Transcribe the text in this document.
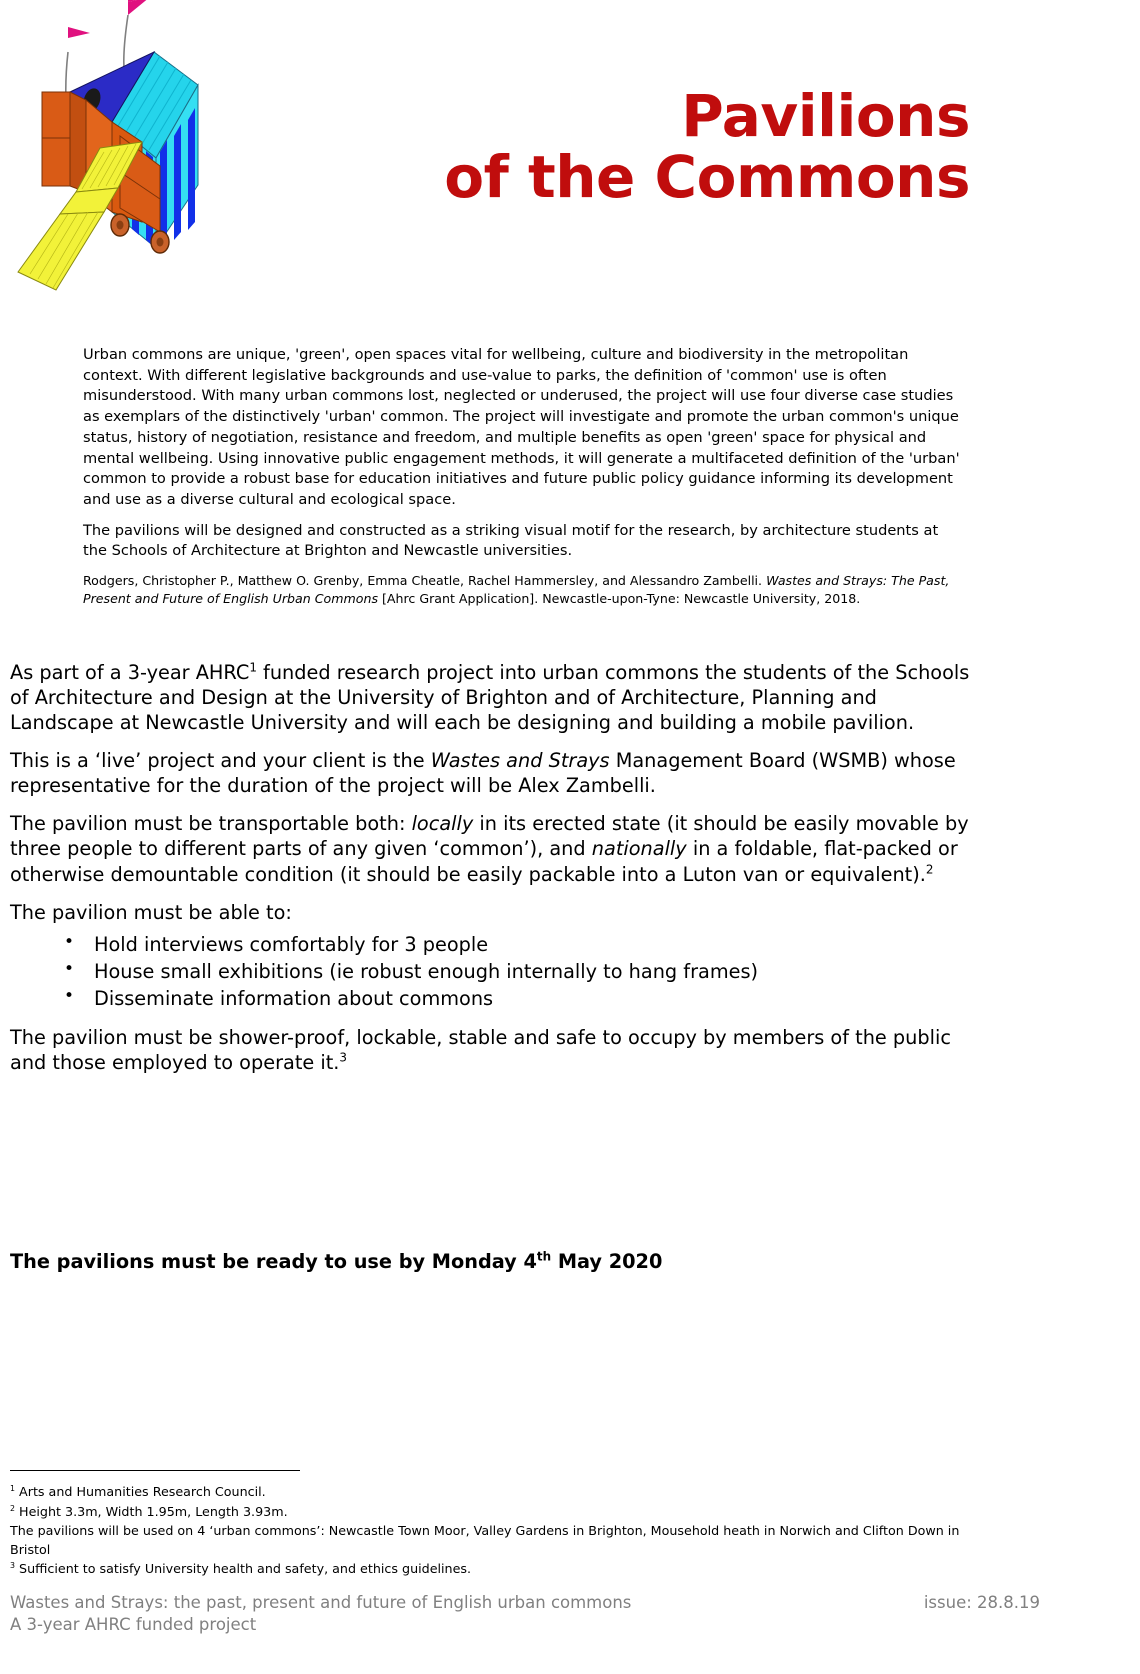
Pavilions
of the Commons

Urban commons are unique, 'green', open spaces vital for wellbeing, culture and biodiversity in the metropolitan context. With different legislative backgrounds and use-value to parks, the definition of 'common' use is often misunderstood. With many urban commons lost, neglected or underused, the project will use four diverse case studies as exemplars of the distinctively 'urban' common. The project will investigate and promote the urban common's unique status, history of negotiation, resistance and freedom, and multiple benefits as open 'green' space for physical and mental wellbeing. Using innovative public engagement methods, it will generate a multifaceted definition of the 'urban' common to provide a robust base for education initiatives and future public policy guidance informing its development and use as a diverse cultural and ecological space.

The pavilions will be designed and constructed as a striking visual motif for the research, by architecture students at the Schools of Architecture at Brighton and Newcastle universities.

Rodgers, Christopher P., Matthew O. Grenby, Emma Cheatle, Rachel Hammersley, and Alessandro Zambelli. Wastes and Strays: The Past, Present and Future of English Urban Commons [Ahrc Grant Application]. Newcastle-upon-Tyne: Newcastle University, 2018.

As part of a 3-year AHRC$^1$ funded research project into urban commons the students of the Schools of Architecture and Design at the University of Brighton and of Architecture, Planning and Landscape at Newcastle University and will each be designing and building a mobile pavilion.

This is a ‘live’ project and your client is the Wastes and Strays Management Board (WSMB) whose representative for the duration of the project will be Alex Zambelli.

The pavilion must be transportable both: locally in its erected state (it should be easily movable by three people to different parts of any given ‘common’), and nationally in a foldable, flat-packed or otherwise demountable condition (it should be easily packable into a Luton van or equivalent).$^2$

The pavilion must be able to:

• Hold interviews comfortably for 3 people
• House small exhibitions (ie robust enough internally to hang frames)
• Disseminate information about commons

The pavilion must be shower-proof, lockable, stable and safe to occupy by members of the public and those employed to operate it.$^3$

The pavilions must be ready to use by Monday 4th May 2020

$^1$ Arts and Humanities Research Council.

$^2$ Height 3.3m, Width 1.95m, Length 3.93m.

The pavilions will be used on 4 ‘urban commons’: Newcastle Town Moor, Valley Gardens in Brighton, Mousehold heath in Norwich and Clifton Down in Bristol

$^3$ Sufficient to satisfy University health and safety, and ethics guidelines.

Wastes and Strays: the past, present and future of English urban commons	issue: 28.8.19
A 3-year AHRC funded project
